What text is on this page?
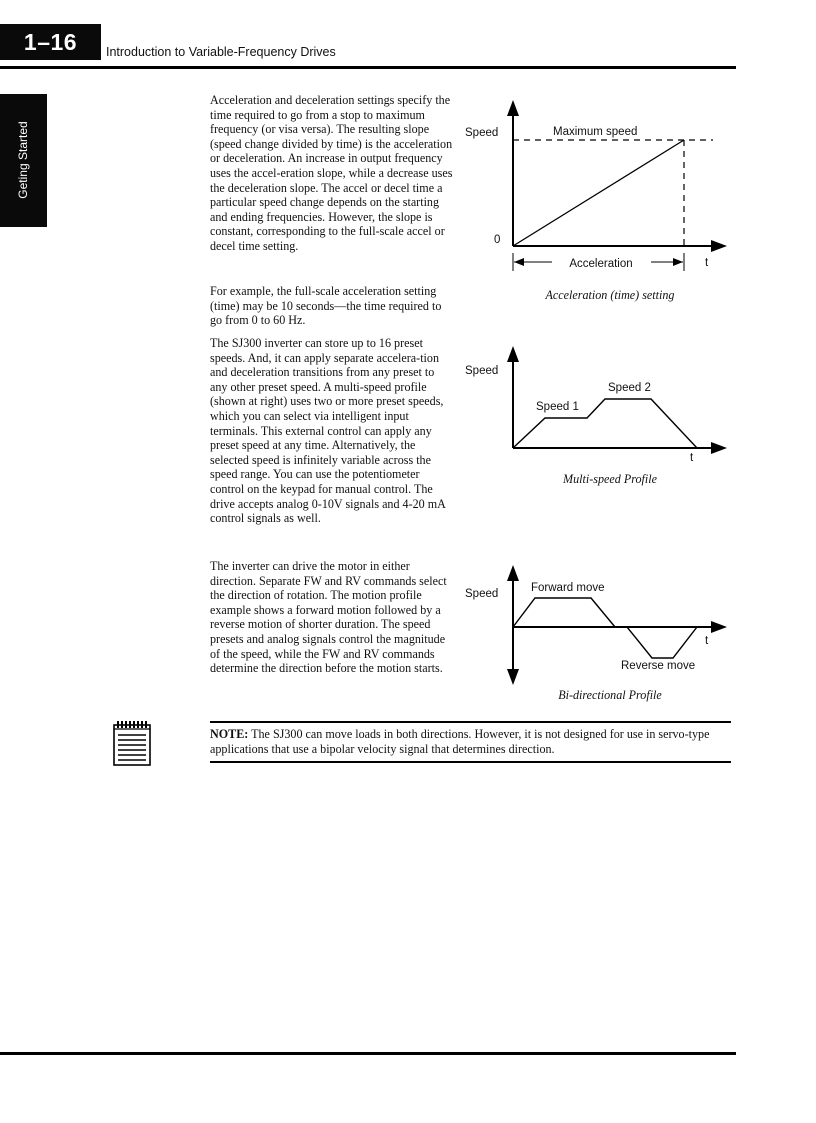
1–16	Introduction to Variable-Frequency Drives
Geting Started

Acceleration and deceleration settings specify the time required to go from a stop to maximum frequency (or visa versa). The resulting slope (speed change divided by time) is the acceleration or deceleration. An increase in output frequency uses the accel-eration slope, while a decrease uses the deceleration slope. The accel or decel time a particular speed change depends on the starting and ending frequencies. However, the slope is constant, corresponding to the full-scale accel or decel time setting.

For example, the full-scale acceleration setting (time) may be 10 seconds—the time required to go from 0 to 60 Hz.

The SJ300 inverter can store up to 16 preset speeds. And, it can apply separate accelera-tion and deceleration transitions from any preset to any other preset speed. A multi-speed profile (shown at right) uses two or more preset speeds, which you can select via intelligent input terminals. This external control can apply any preset speed at any time. Alternatively, the selected speed is infinitely variable across the speed range. You can use the potentiometer control on the keypad for manual control. The drive accepts analog 0-10V signals and 4-20 mA control signals as well.

The inverter can drive the motor in either direction. Separate FW and RV commands select the direction of rotation. The motion profile example shows a forward motion followed by a reverse motion of shorter duration. The speed presets and analog signals control the magnitude of the speed, while the FW and RV commands determine the direction before the motion starts.

Speed	Maximum speed
0
Acceleration	t
Acceleration (time) setting
Speed
Speed 1
Speed 2
t
Multi-speed Profile
Speed	Forward move
Reverse move
t
Bi-directional Profile

NOTE: The SJ300 can move loads in both directions. However, it is not designed for use in servo-type applications that use a bipolar velocity signal that determines direction.
